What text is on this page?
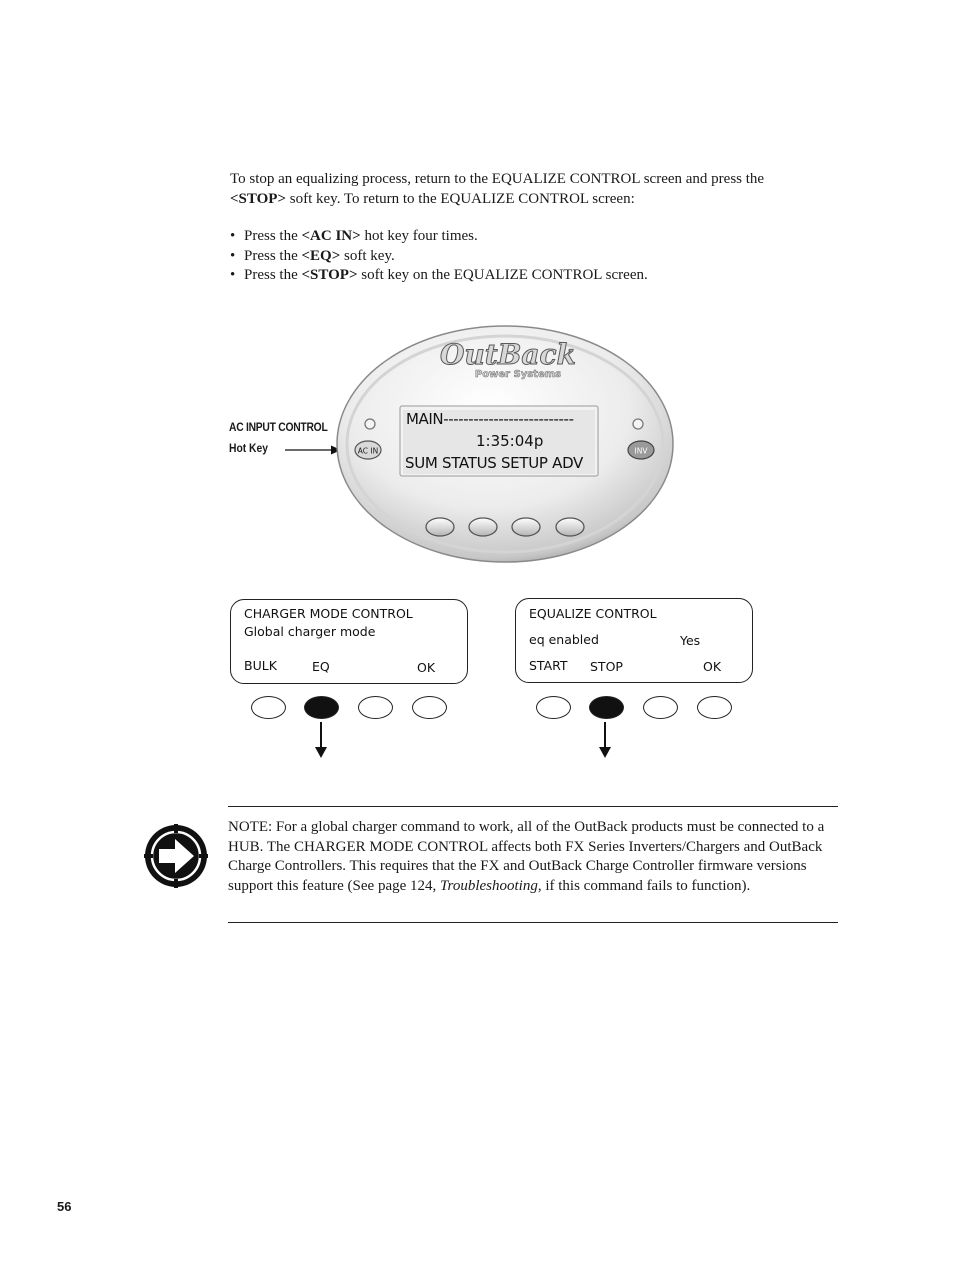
To stop an equalizing process, return to the EQUALIZE CONTROL screen and press the
<STOP> soft key. To return to the EQUALIZE CONTROL screen:
• Press the <AC IN> hot key four times.
• Press the <EQ> soft key.
• Press the <STOP> soft key on the EQUALIZE CONTROL screen.
AC INPUT CONTROL
Hot Key
OutBack
Power Systems
AC IN	INV
MAIN--------------------------
1:35:04p
SUM STATUS SETUP ADV
CHARGER MODE CONTROL
Global charger mode
BULK	EQ	OK
EQUALIZE CONTROL
eq enabled	Yes
START STOP	OK
NOTE: For a global charger command to work, all of the OutBack products must be connected to a HUB. The CHARGER MODE CONTROL affects both FX Series Inverters/Chargers and OutBack Charge Controllers. This requires that the FX and OutBack Charge Controller firmware versions support this feature (See page 124, Troubleshooting, if this command fails to function).
56
